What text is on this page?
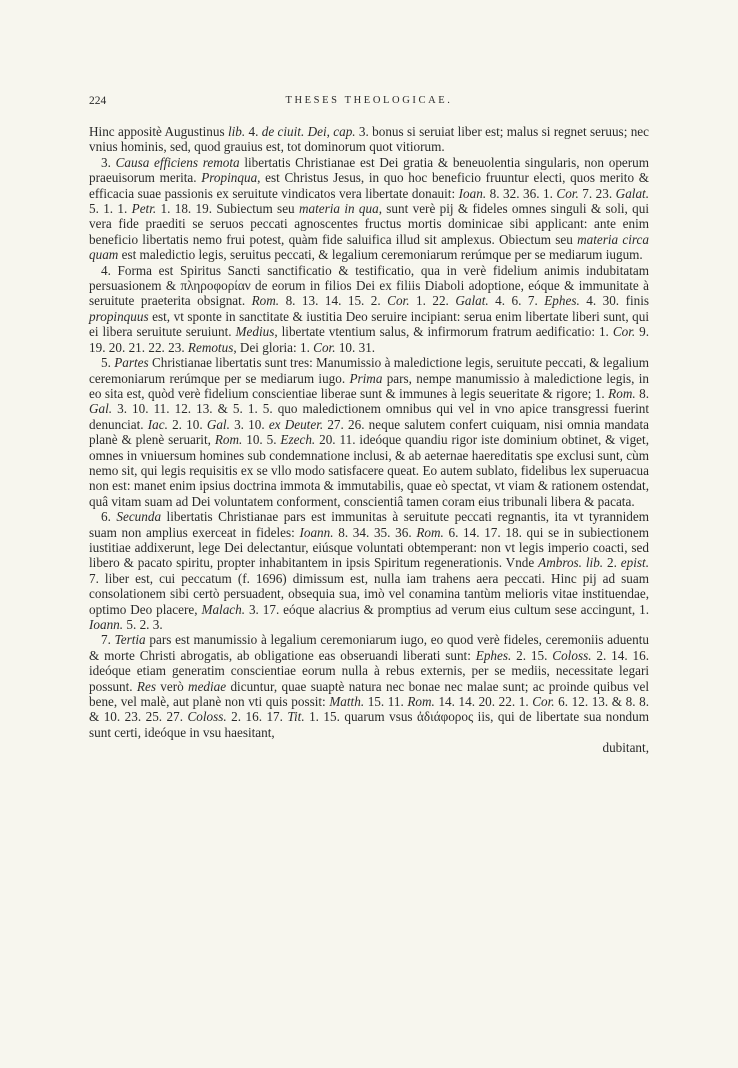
224	THESES THEOLOGICAE.

Hinc appositè Augustinus lib. 4. de ciuit. Dei, cap. 3. bonus si seruiat liber est; malus si regnet seruus; nec vnius hominis, sed, quod grauius est, tot dominorum quot vitiorum.

3. Causa efficiens remota libertatis Christianae est Dei gratia & beneuolentia singularis, non operum praeuisorum merita. Propinqua, est Christus Jesus, in quo hoc beneficio fruuntur electi, quos merito & efficacia suae passionis ex seruitute vindicatos vera libertate donauit: Ioan. 8. 32. 36. 1. Cor. 7. 23. Galat. 5. 1. 1. Petr. 1. 18. 19. Subiectum seu materia in qua, sunt verè pij & fideles omnes singuli & soli, qui vera fide praediti se seruos peccati agnoscentes fructus mortis dominicae sibi applicant: ante enim beneficio libertatis nemo frui potest, quàm fide saluifica illud sit amplexus. Obiectum seu materia circa quam est maledictio legis, seruitus peccati, & legalium ceremoniarum rerúmque per se mediarum iugum.

4. Forma est Spiritus Sancti sanctificatio & testificatio, qua in verè fidelium animis indubitatam persuasionem & πληροφορίαν de eorum in filios Dei ex filiis Diaboli adoptione, eóque & immunitate à seruitute praeterita obsignat. Rom. 8. 13. 14. 15. 2. Cor. 1. 22. Galat. 4. 6. 7. Ephes. 4. 30. finis propinquus est, vt sponte in sanctitate & iustitia Deo seruire incipiant: serua enim libertate liberi sunt, qui ei libera seruitute seruiunt. Medius, libertate vtentium salus, & infirmorum fratrum aedificatio: 1. Cor. 9. 19. 20. 21. 22. 23. Remotus, Dei gloria: 1. Cor. 10. 31.

5. Partes Christianae libertatis sunt tres: Manumissio à maledictione legis, seruitute peccati, & legalium ceremoniarum rerúmque per se mediarum iugo. Prima pars, nempe manumissio à maledictione legis, in eo sita est, quòd verè fidelium conscientiae liberae sunt & immunes à legis seueritate & rigore; 1. Rom. 8. Gal. 3. 10. 11. 12. 13. & 5. 1. 5. quo maledictionem omnibus qui vel in vno apice transgressi fuerint denunciat. Iac. 2. 10. Gal. 3. 10. ex Deuter. 27. 26. neque salutem confert cuiquam, nisi omnia mandata planè & plenè seruarit, Rom. 10. 5. Ezech. 20. 11. ideóque quandiu rigor iste dominium obtinet, & viget, omnes in vniuersum homines sub condemnatione inclusi, & ab aeternae haereditatis spe exclusi sunt, cùm nemo sit, qui legis requisitis ex se vllo modo satisfacere queat. Eo autem sublato, fidelibus lex superuacua non est: manet enim ipsius doctrina immota & immutabilis, quae eò spectat, vt viam & rationem ostendat, quâ vitam suam ad Dei voluntatem conforment, conscientiâ tamen coram eius tribunali libera & pacata.

6. Secunda libertatis Christianae pars est immunitas à seruitute peccati regnantis, ita vt tyrannidem suam non amplius exerceat in fideles: Ioann. 8. 34. 35. 36. Rom. 6. 14. 17. 18. qui se in subiectionem iustitiae addixerunt, lege Dei delectantur, eiúsque voluntati obtemperant: non vt legis imperio coacti, sed libero & pacato spiritu, propter inhabitantem in ipsis Spiritum regenerationis. Vnde Ambros. lib. 2. epist. 7. liber est, cui peccatum (f. 1696) dimissum est, nulla iam trahens aera peccati. Hinc pij ad suam consolationem sibi certò persuadent, obsequia sua, imò vel conamina tantùm melioris vitae instituendae, optimo Deo placere, Malach. 3. 17. eóque alacrius & promptius ad verum eius cultum sese accingunt, 1. Ioann. 5. 2. 3.

7. Tertia pars est manumissio à legalium ceremoniarum iugo, eo quod verè fideles, ceremoniis aduentu & morte Christi abrogatis, ab obligatione eas obseruandi liberati sunt: Ephes. 2. 15. Coloss. 2. 14. 16. ideóque etiam generatim conscientiae eorum nulla à rebus externis, per se mediis, necessitate legari possunt. Res verò mediae dicuntur, quae suaptè natura nec bonae nec malae sunt; ac proinde quibus vel bene, vel malè, aut planè non vti quis possit: Matth. 15. 11. Rom. 14. 14. 20. 22. 1. Cor. 6. 12. 13. & 8. 8. & 10. 23. 25. 27. Coloss. 2. 16. 17. Tit. 1. 15. quarum vsus ἀδιάφορος iis, qui de libertate sua nondum sunt certi, ideóque in vsu haesitant,

dubitant,
